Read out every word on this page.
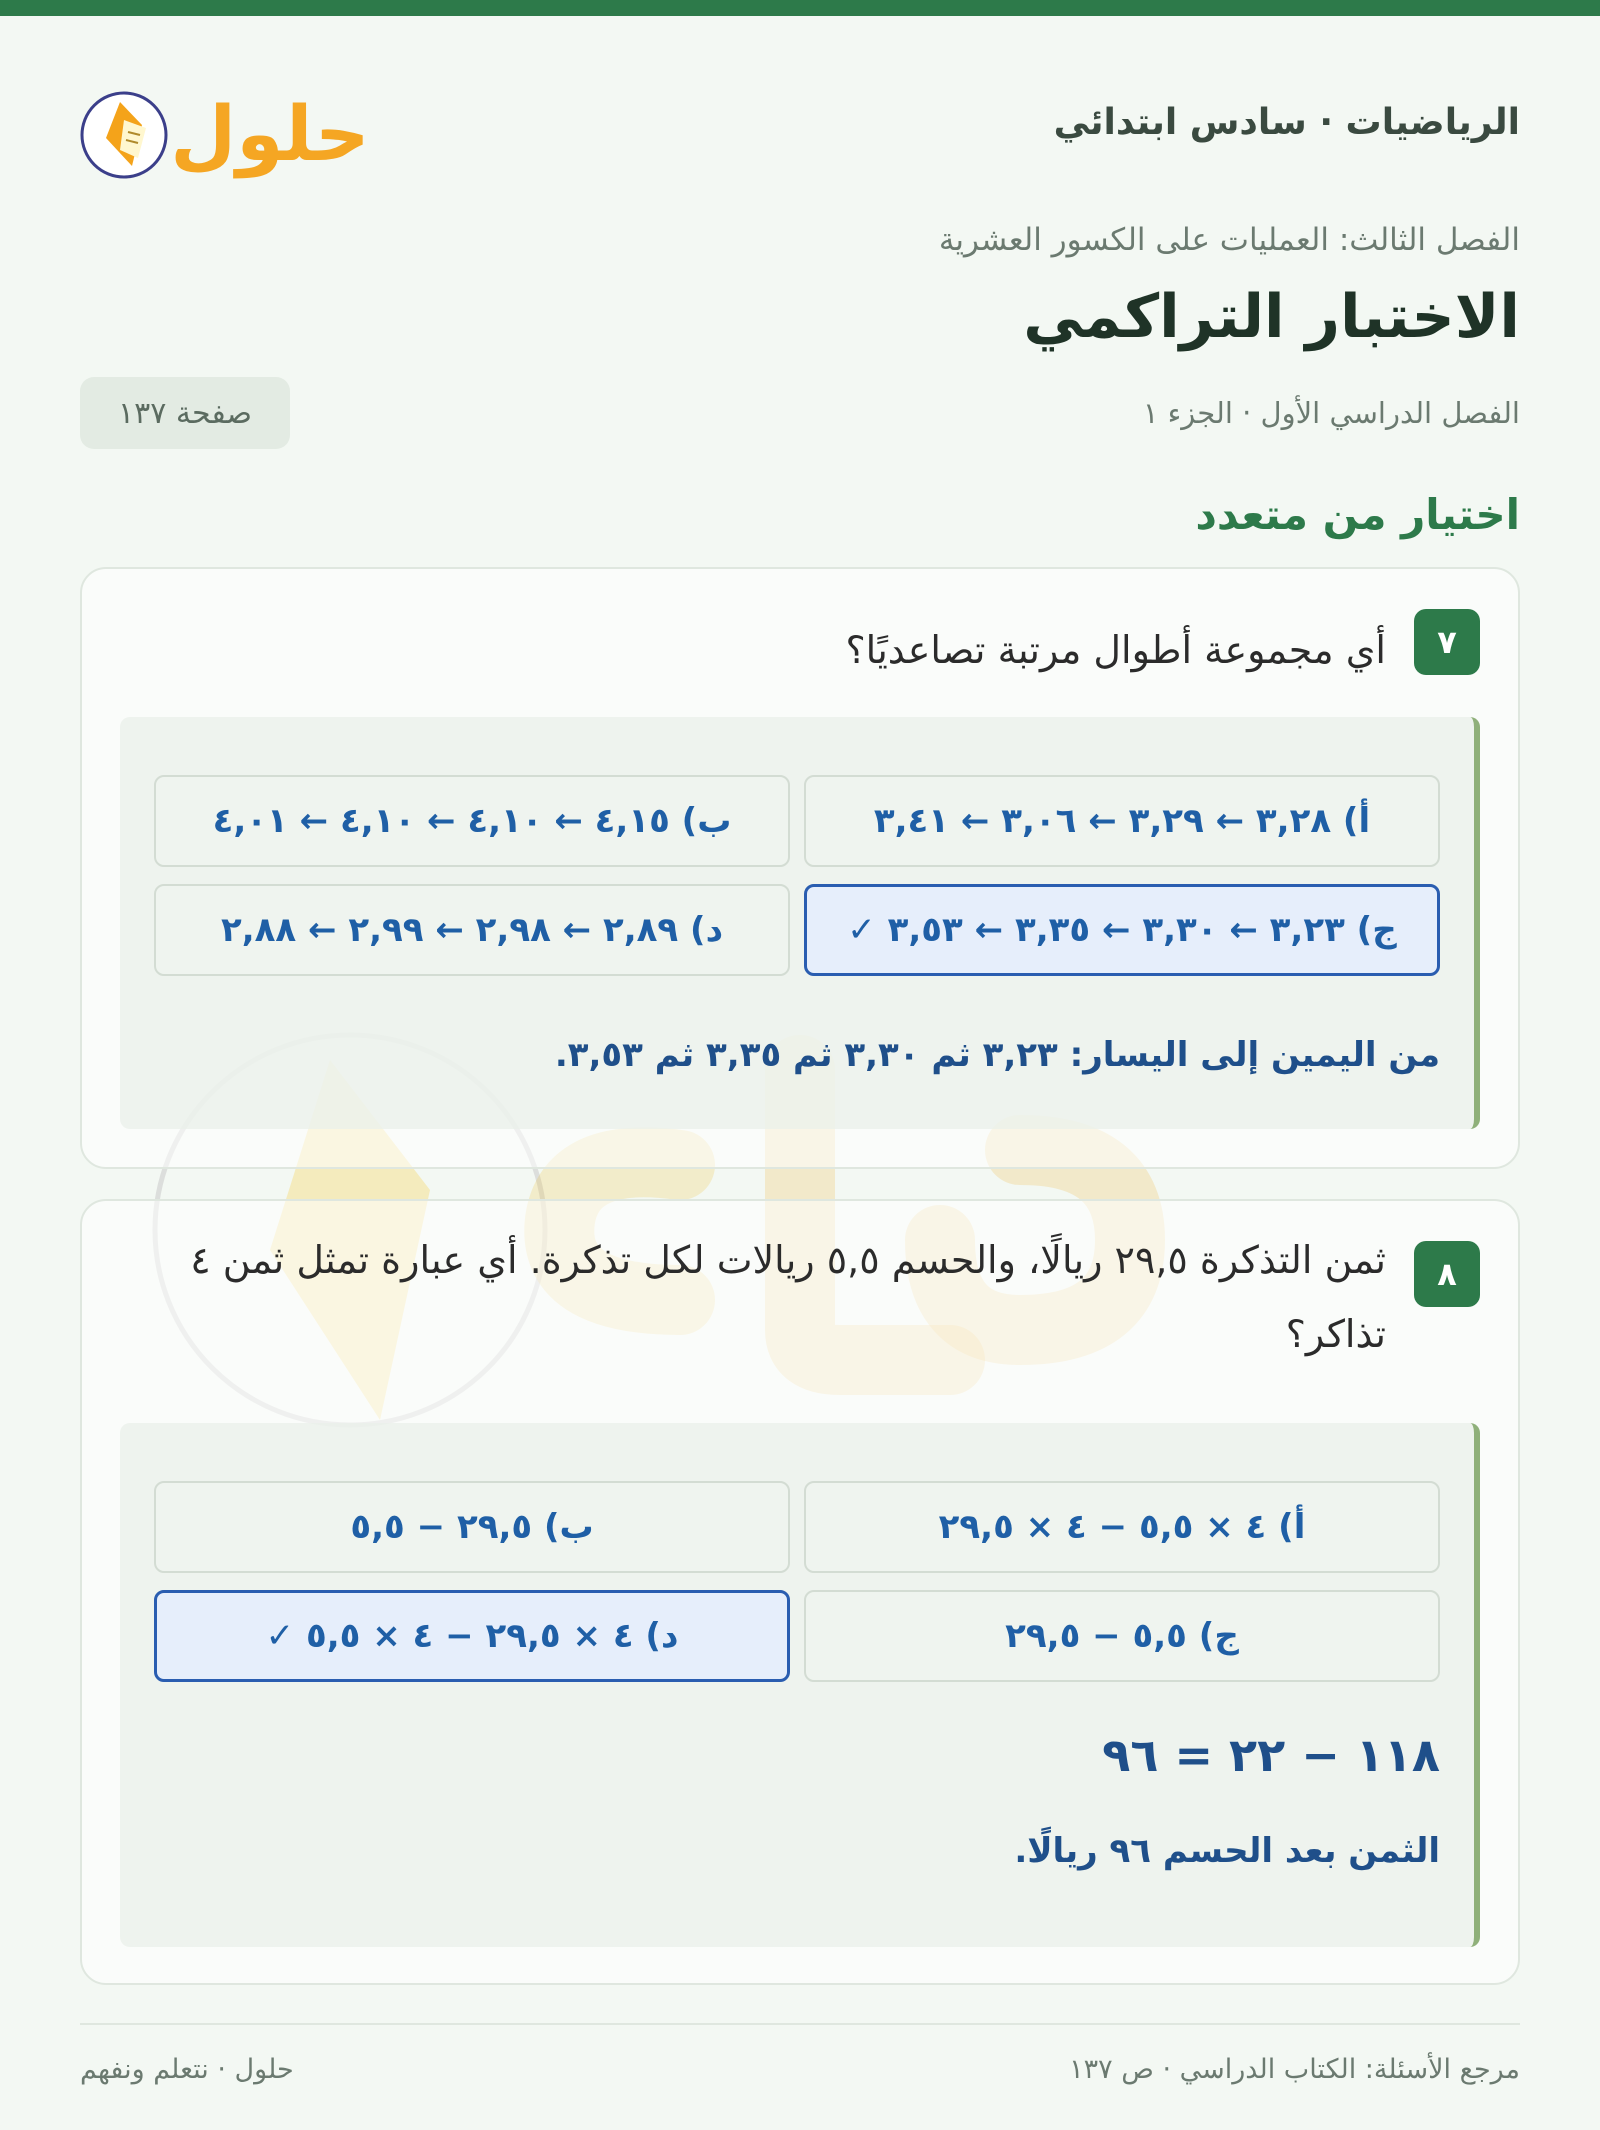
الرياضيات · سادس ابتدائي
حلول
الفصل الثالث: العمليات على الكسور العشرية
الاختبار التراكمي
الفصل الدراسي الأول · الجزء ١
صفحة ١٣٧
اختيار من متعدد
٧
أي مجموعة أطوال مرتبة تصاعديًا؟
أ) ٣,٢٨ ← ٣,٢٩ ← ٣,٠٦ ← ٣,٤١
ب) ٤,١٥ ← ٤,١٠ ← ٤,١٠ ← ٤,٠١
ج) ٣,٢٣ ← ٣,٣٠ ← ٣,٣٥ ← ٣,٥٣ ✓
د) ٢,٨٩ ← ٢,٩٨ ← ٢,٩٩ ← ٢,٨٨
من اليمين إلى اليسار: ٣,٢٣ ثم ٣,٣٠ ثم ٣,٣٥ ثم ٣,٥٣.
٨
ثمن التذكرة ٢٩,٥ ريالًا، والحسم ٥,٥ ريالات لكل تذكرة. أي عبارة تمثل ثمن ٤ تذاكر؟
أ) ٤ × ٥,٥ − ٤ × ٢٩,٥
ب) ٢٩,٥ − ٥,٥
ج) ٥,٥ − ٢٩,٥
د) ٤ × ٢٩,٥ − ٤ × ٥,٥ ✓
١١٨ − ٢٢ = ٩٦
الثمن بعد الحسم ٩٦ ريالًا.
مرجع الأسئلة: الكتاب الدراسي · ص ١٣٧
حلول · نتعلم ونفهم
